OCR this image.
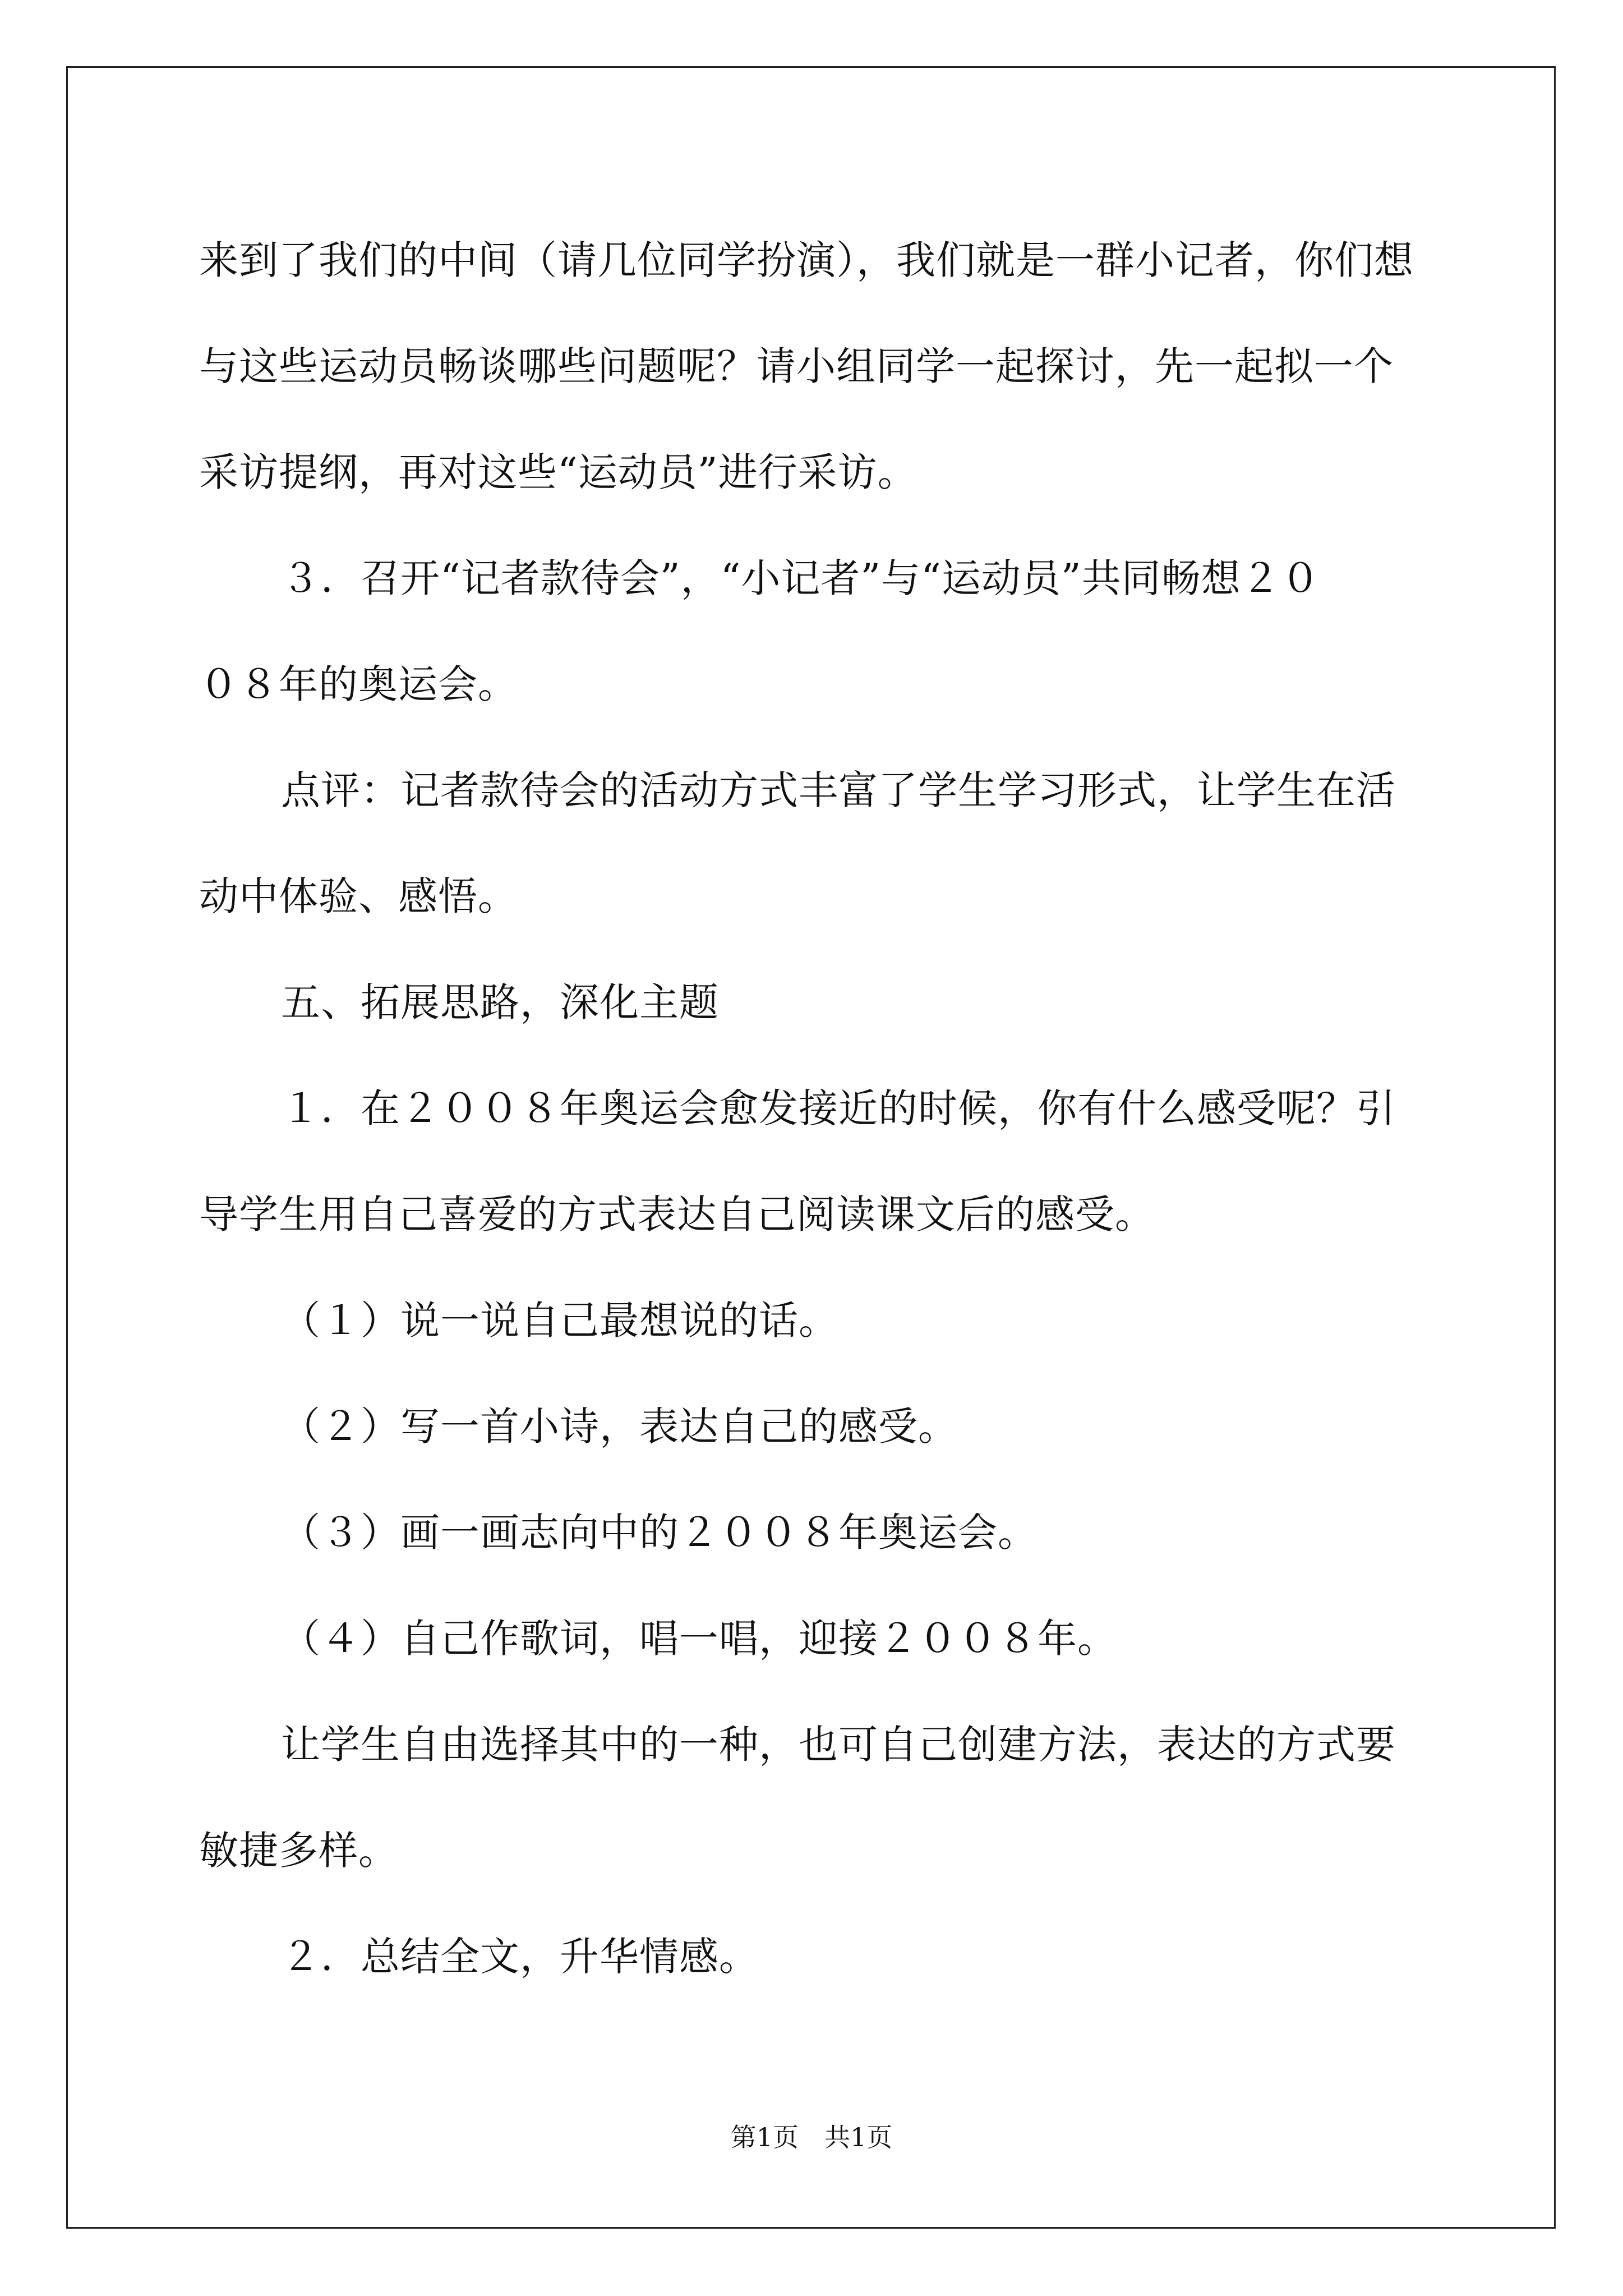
来到了我们的中间（请几位同学扮演），我们就是一群小记者，你们想
与这些运动员畅谈哪些问题呢？请小组同学一起探讨，先一起拟一个
采访提纲，再对这些“运动员”进行采访。
３．召开“记者款待会”，“小记者”与“运动员”共同畅想２０
０８年的奥运会。
点评：记者款待会的活动方式丰富了学生学习形式，让学生在活
动中体验、感悟。
五、拓展思路，深化主题
１．在２００８年奥运会愈发接近的时候，你有什么感受呢？引
导学生用自己喜爱的方式表达自己阅读课文后的感受。
（１）说一说自己最想说的话。
（２）写一首小诗，表达自己的感受。
（３）画一画志向中的２００８年奥运会。
（４）自己作歌词，唱一唱，迎接２００８年。
让学生自由选择其中的一种，也可自己创建方法，表达的方式要
敏捷多样。
２．总结全文，升华情感。
第1页　共1页
